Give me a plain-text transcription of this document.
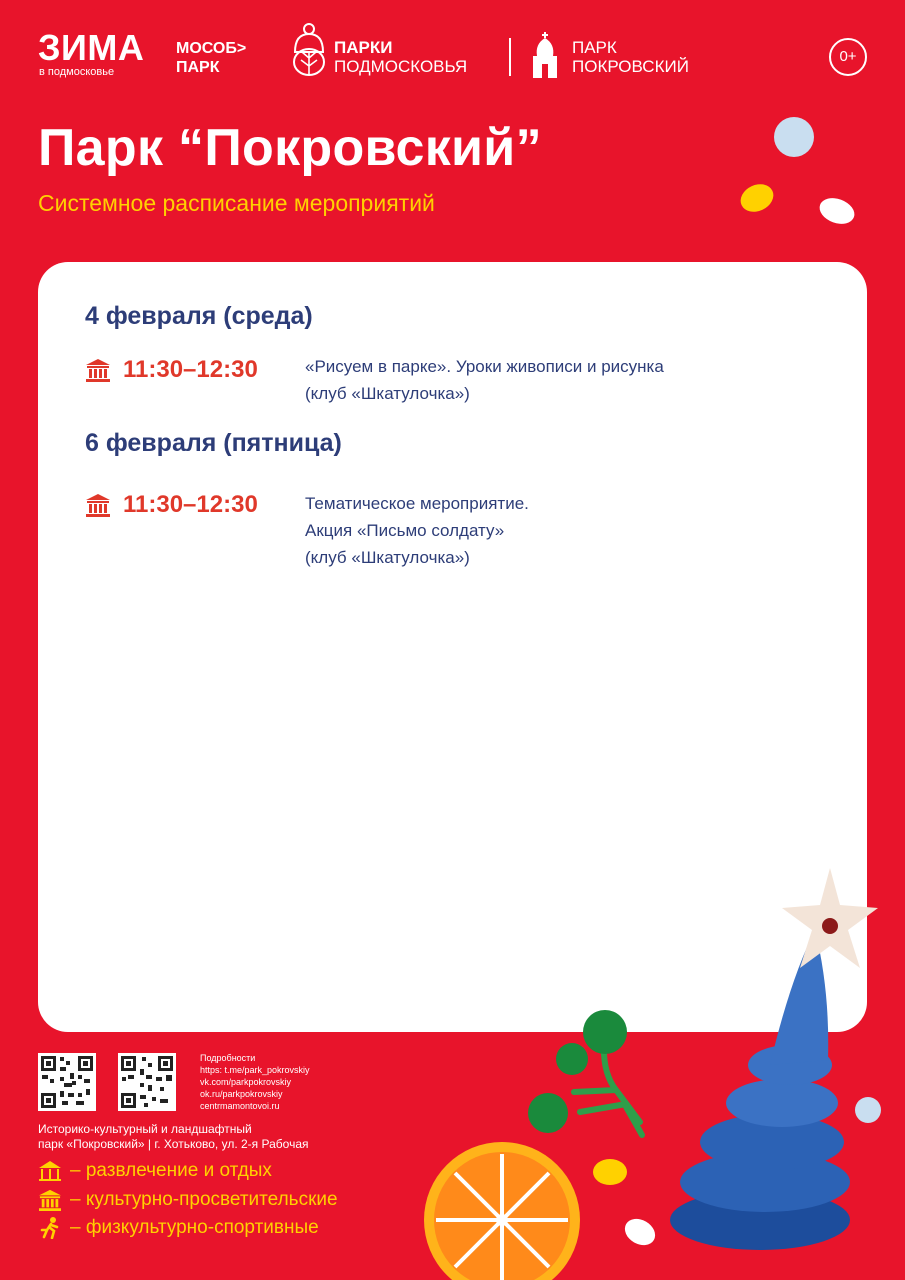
ЗИМА
в подмосковье
МОСОБ>
ПАРК
ПАРКИ
ПОДМОСКОВЬЯ
ПАРК
ПОКРОВСКИЙ
0+
Парк “Покровский”
Системное расписание мероприятий
4 февраля (среда)
11:30–12:30	«Рисуем в парке». Уроки живописи и рисунка
(клуб «Шкатулочка»)
6 февраля (пятница)
11:30–12:30	Тематическое мероприятие.
Акция «Письмо солдату»
(клуб «Шкатулочка»)
Подробности
https: t.me/park_pokrovskiy
vk.com/parkpokrovskiy
ok.ru/parkpokrovskiy
centrmamontovoi.ru
Историко-культурный и ландшафтный
парк «Покровский» | г. Хотьково, ул. 2-я Рабочая
– развлечение и отдых
– культурно-просветительские
– физкультурно-спортивные
